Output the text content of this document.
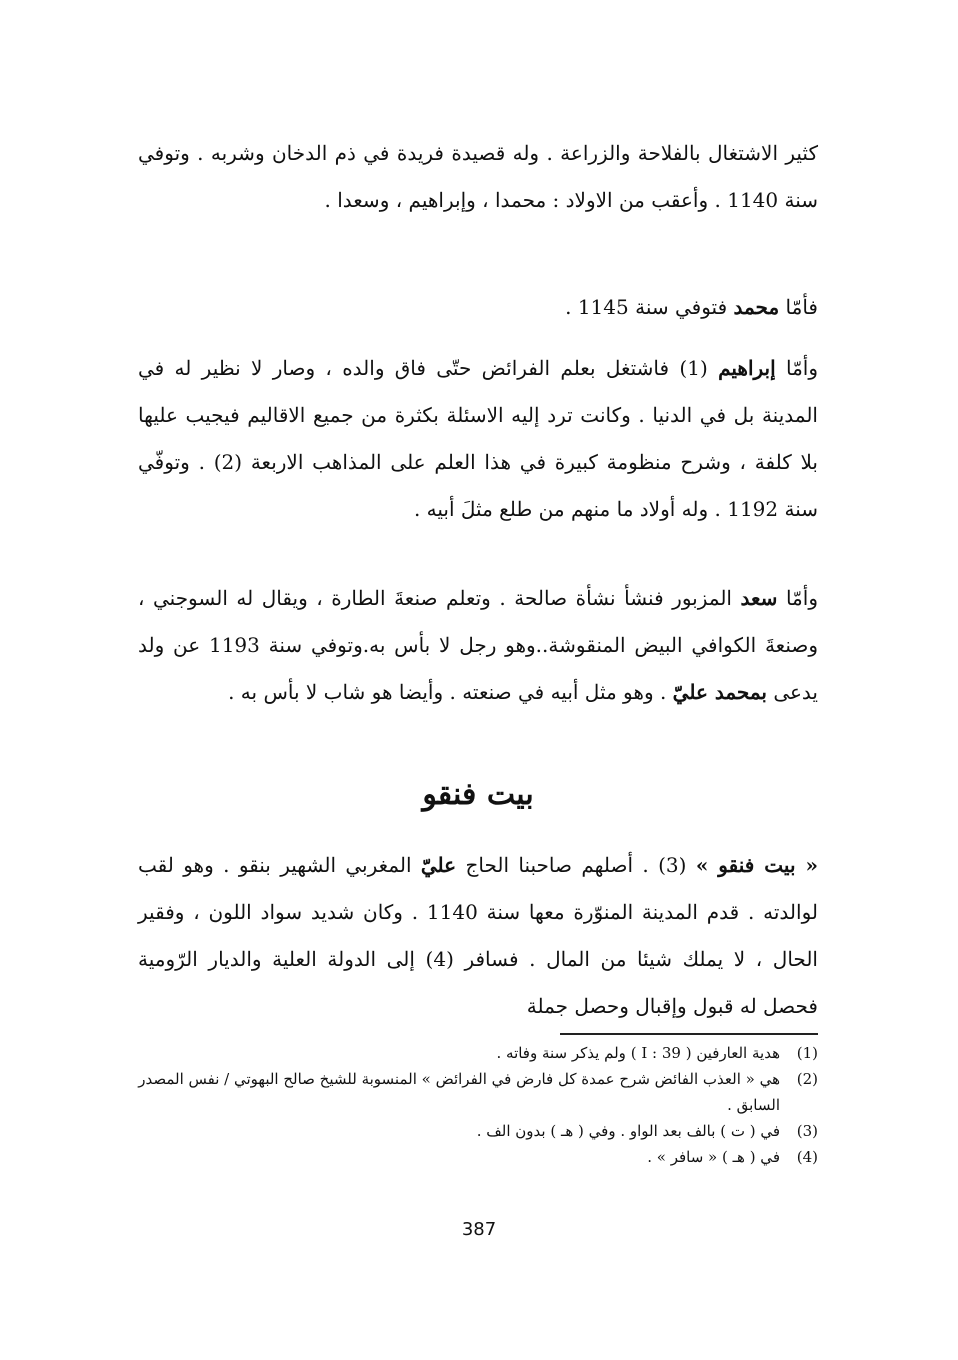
كثير الاشتغال بالفلاحة والزراعة . وله قصيدة فريدة في ذم الدخان وشربه . وتوفي سنة 1140 . وأعقب من الاولاد : محمدا ، وإبراهيم ، وسعدا .

فأمّا محمد فتوفي سنة 1145 .

وأمّا إبراهيم (1) فاشتغل بعلم الفرائض حتّى فاق والده ، وصار لا نظير له في المدينة بل في الدنيا . وكانت ترد إليه الاسئلة بكثرة من جميع الاقاليم فيجيب عليها بلا كلفة ، وشرح منظومة كبيرة في هذا العلم على المذاهب الاربعة (2) . وتوفّي سنة 1192 . وله أولاد ما منهم من طلع مثلَ أبيه .

وأمّا سعد المزبور فنشأ نشأة صالحة . وتعلم صنعةَ الطارة ، ويقال له السوجني ، وصنعةَ الكوافي البيض المنقوشة..وهو رجل لا بأس به.وتوفي سنة 1193 عن ولد يدعى بمحمد عليّ . وهو مثل أبيه في صنعته . وأيضا هو شاب لا بأس به .

بيت فنقو

« بيت فنقو » (3) . أصلهم صاحبنا الحاج عليّ المغربي الشهير بنقو . وهو لقب لوالدته . قدم المدينة المنوّرة معها سنة 1140 . وكان شديد سواد اللون ، وفقير الحال ، لا يملك شيئا من المال . فسافر (4) إلى الدولة العلية والديار الرّومية فحصل له قبول وإقبال وحصل جملة

(1)
هدية العارفين ( I : 39 ) ولم يذكر سنة وفاته .
(2)
هي « العذب الفائض شرح عمدة كل فارض في الفرائض » المنسوبة للشيخ صالح البهوتي / نفس المصدر السابق .
(3)
في ( ت ) بالف بعد الواو . وفي ( هـ ) بدون الف .
(4)
في ( هـ ) « سافر » .
387
